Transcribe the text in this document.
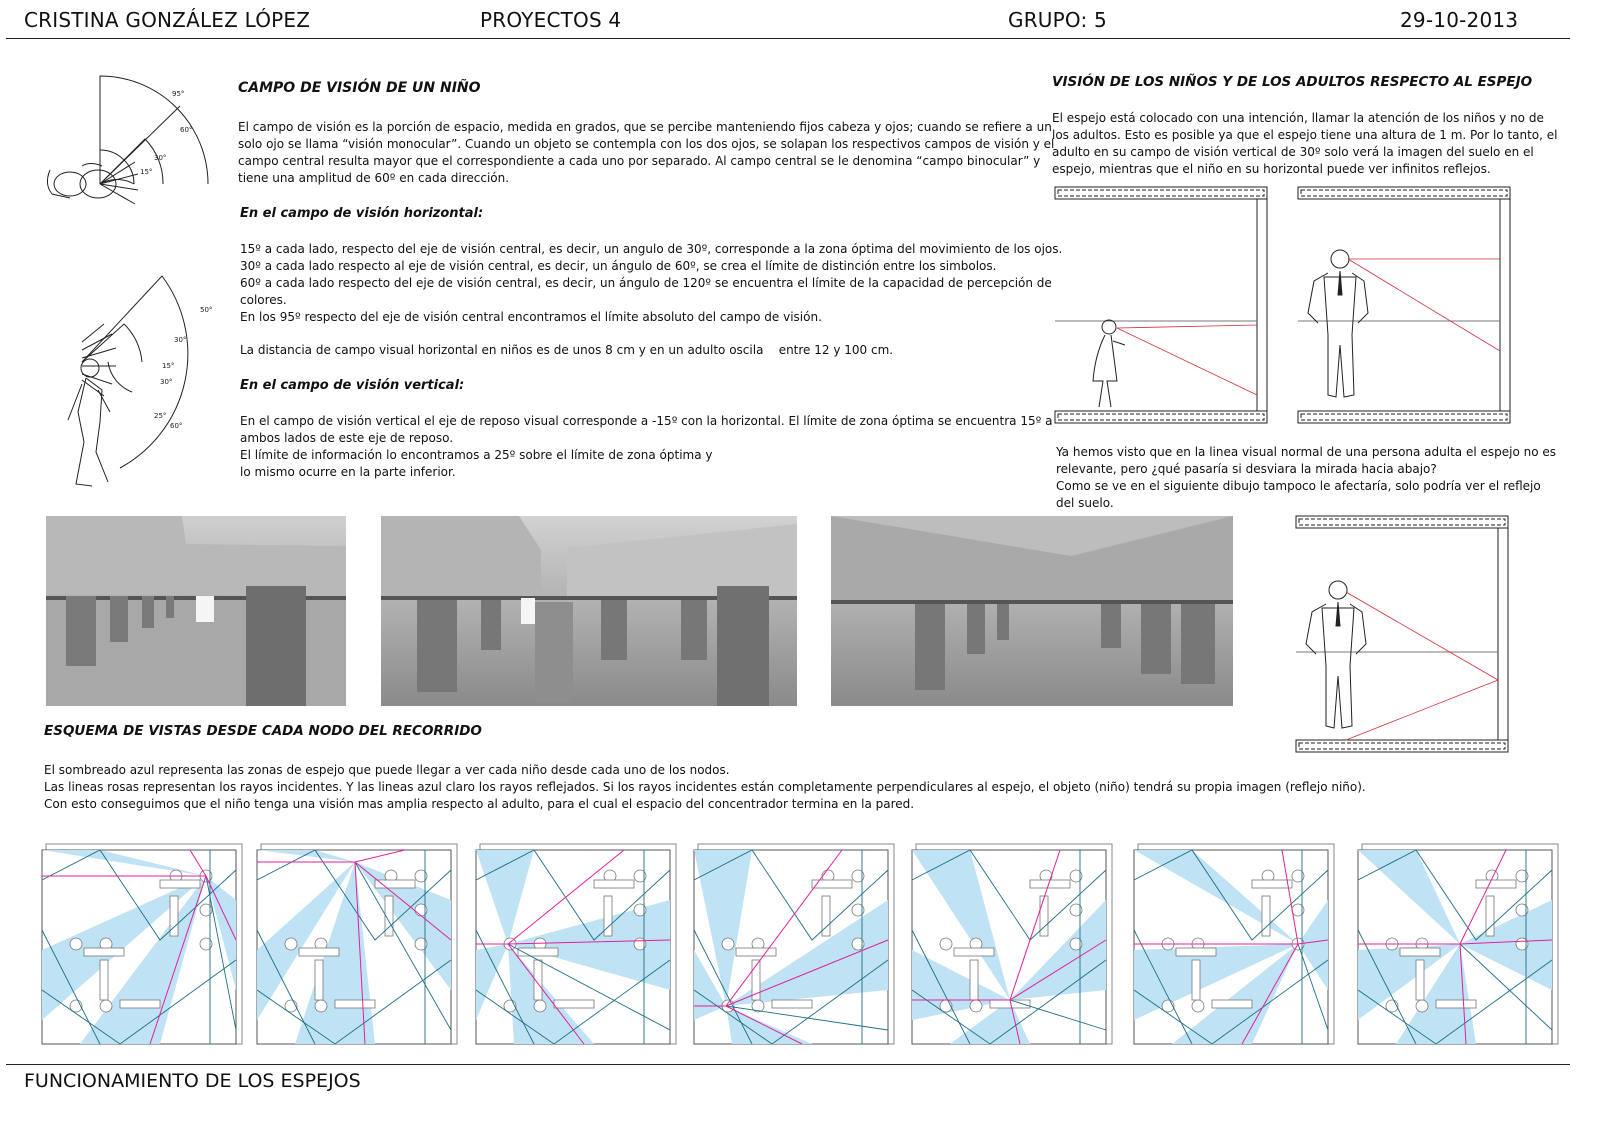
CRISTINA GONZÁLEZ LÓPEZ	PROYECTOS 4	GRUPO: 5	29-10-2013
95°
60°
30°
15°
50°
30°
15°
30°
25°
60°
CAMPO DE VISIÓN DE UN NIÑO
El campo de visión es la porción de espacio, medida en grados, que se percibe manteniendo fijos cabeza y ojos; cuando se refiere a un
solo ojo se llama “visión monocular”. Cuando un objeto se contempla con los dos ojos, se solapan los respectivos campos de visión y el
campo central resulta mayor que el correspondiente a cada uno por separado. Al campo central se le denomina “campo binocular” y
tiene una amplitud de 60º en cada dirección.
En el campo de visión horizontal:
15º a cada lado, respecto del eje de visión central, es decir, un angulo de 30º, corresponde a la zona óptima del movimiento de los ojos.
30º a cada lado respecto al eje de visión central, es decir, un ángulo de 60º, se crea el límite de distinción entre los simbolos.
60º a cada lado respecto del eje de visión central, es decir, un ángulo de 120º se encuentra el límite de la capacidad de percepción de
colores.
En los 95º respecto del eje de visión central encontramos el límite absoluto del campo de visión.
La distancia de campo visual horizontal en niños es de unos 8 cm y en un adulto oscila    entre 12 y 100 cm.
En el campo de visión vertical:
En el campo de visión vertical el eje de reposo visual corresponde a -15º con la horizontal. El límite de zona óptima se encuentra 15º a
ambos lados de este eje de reposo.
El límite de información lo encontramos a 25º sobre el límite de zona óptima y
lo mismo ocurre en la parte inferior.
VISIÓN DE LOS NIÑOS Y DE LOS ADULTOS RESPECTO AL ESPEJO
El espejo está colocado con una intención, llamar la atención de los niños y no de
los adultos. Esto es posible ya que el espejo tiene una altura de 1 m. Por lo tanto, el
adulto en su campo de visión vertical de 30º solo verá la imagen del suelo en el
espejo, mientras que el niño en su horizontal puede ver infinitos reflejos.
Ya hemos visto que en la linea visual normal de una persona adulta el espejo no es
relevante, pero ¿qué pasaría si desviara la mirada hacia abajo?
Como se ve en el siguiente dibujo tampoco le afectaría, solo podría ver el reflejo
del suelo.
ESQUEMA DE VISTAS DESDE CADA NODO DEL RECORRIDO
El sombreado azul representa las zonas de espejo que puede llegar a ver cada niño desde cada uno de los nodos.
Las lineas rosas representan los rayos incidentes. Y las lineas azul claro los rayos reflejados. Si los rayos incidentes están completamente perpendiculares al espejo, el objeto (niño) tendrá su propia imagen (reflejo niño).
Con esto conseguimos que el niño tenga una visión mas amplia respecto al adulto, para el cual el espacio del concentrador termina en la pared.
FUNCIONAMIENTO DE LOS ESPEJOS
